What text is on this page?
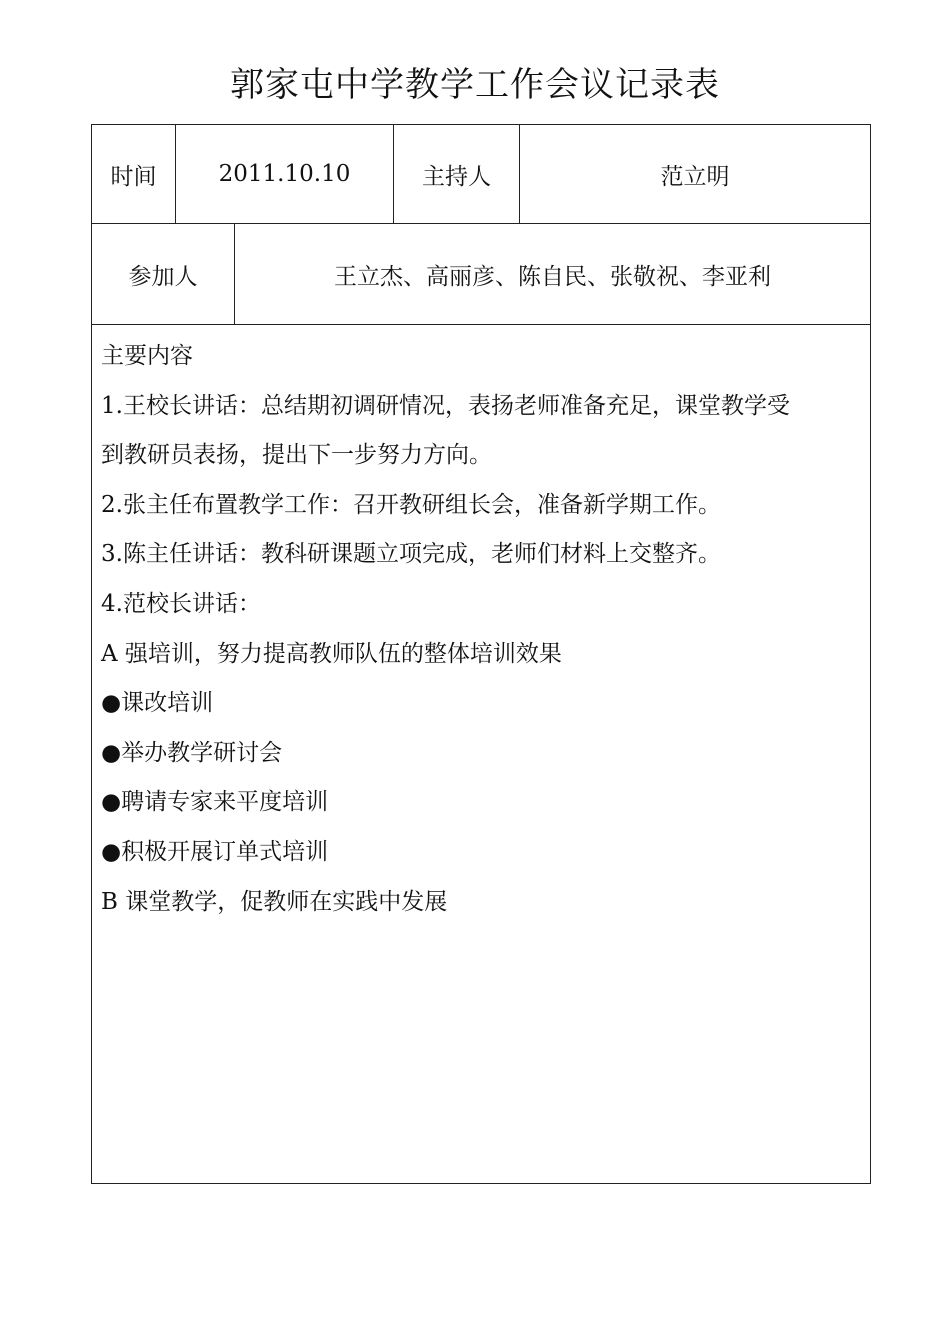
郭家屯中学教学工作会议记录表
时间	2011.10.10	主持人	范立明
参加人	王立杰、高丽彦、陈自民、张敬祝、李亚利
主要内容
1.王校长讲话：总结期初调研情况，表扬老师准备充足，课堂教学受
到教研员表扬，提出下一步努力方向。
2.张主任布置教学工作：召开教研组长会，准备新学期工作。
3.陈主任讲话：教科研课题立项完成，老师们材料上交整齐。
4.范校长讲话：
A 强培训，努力提高教师队伍的整体培训效果
●课改培训
●举办教学研讨会
●聘请专家来平度培训
●积极开展订单式培训
B 课堂教学，促教师在实践中发展
